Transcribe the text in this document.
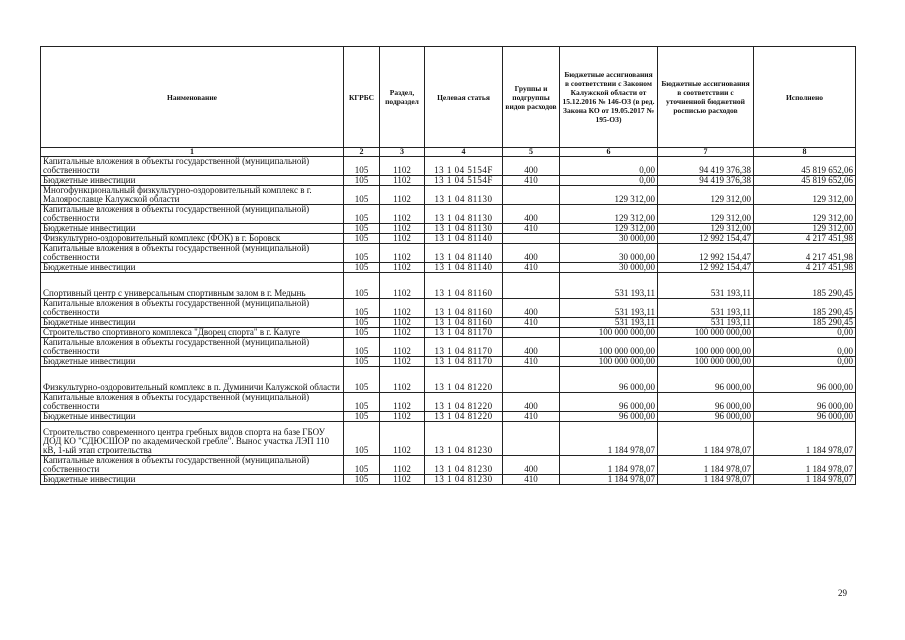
Наименование	КГРБС	Раздел, подраздел	Целевая статья	Группы и подгруппы видов расходов	Бюджетные ассигнования в соответствии с Законом Калужской области от 15.12.2016 № 146-ОЗ (в ред. Закона КО от 19.05.2017 № 195-ОЗ)	Бюджетные ассигнования в соответствии с уточненной бюджетной росписью расходов	Исполнено
1	2	3	4	5	6	7	8
Капитальные вложения в объекты государственной (муниципальной) собственности	105	1102	13 1 04 5154F	400	0,00	94 419 376,38	45 819 652,06
Бюджетные инвестиции	105	1102	13 1 04 5154F	410	0,00	94 419 376,38	45 819 652,06
Многофункциональный физкультурно-оздоровительный комплекс в г. Малоярославце Калужской области	105	1102	13 1 04 81130		129 312,00	129 312,00	129 312,00
Капитальные вложения в объекты государственной (муниципальной) собственности	105	1102	13 1 04 81130	400	129 312,00	129 312,00	129 312,00
Бюджетные инвестиции	105	1102	13 1 04 81130	410	129 312,00	129 312,00	129 312,00
Физкультурно-оздоровительный комплекс (ФОК) в г. Боровск	105	1102	13 1 04 81140		30 000,00	12 992 154,47	4 217 451,98
Капитальные вложения в объекты государственной (муниципальной) собственности	105	1102	13 1 04 81140	400	30 000,00	12 992 154,47	4 217 451,98
Бюджетные инвестиции	105	1102	13 1 04 81140	410	30 000,00	12 992 154,47	4 217 451,98
Спортивный центр с универсальным спортивным залом в г. Медынь	105	1102	13 1 04 81160		531 193,11	531 193,11	185 290,45
Капитальные вложения в объекты государственной (муниципальной) собственности	105	1102	13 1 04 81160	400	531 193,11	531 193,11	185 290,45
Бюджетные инвестиции	105	1102	13 1 04 81160	410	531 193,11	531 193,11	185 290,45
Строительство спортивного комплекса "Дворец спорта" в г. Калуге	105	1102	13 1 04 81170		100 000 000,00	100 000 000,00	0,00
Капитальные вложения в объекты государственной (муниципальной) собственности	105	1102	13 1 04 81170	400	100 000 000,00	100 000 000,00	0,00
Бюджетные инвестиции	105	1102	13 1 04 81170	410	100 000 000,00	100 000 000,00	0,00
Физкультурно-оздоровительный комплекс в п. Думиничи Калужской области	105	1102	13 1 04 81220		96 000,00	96 000,00	96 000,00
Капитальные вложения в объекты государственной (муниципальной) собственности	105	1102	13 1 04 81220	400	96 000,00	96 000,00	96 000,00
Бюджетные инвестиции	105	1102	13 1 04 81220	410	96 000,00	96 000,00	96 000,00
Строительство современного центра гребных видов спорта на базе ГБОУ ДОД КО "СДЮСШОР по академической гребле". Вынос участка ЛЭП 110 кВ, 1-ый этап строительства	105	1102	13 1 04 81230		1 184 978,07	1 184 978,07	1 184 978,07
Капитальные вложения в объекты государственной (муниципальной) собственности	105	1102	13 1 04 81230	400	1 184 978,07	1 184 978,07	1 184 978,07
Бюджетные инвестиции	105	1102	13 1 04 81230	410	1 184 978,07	1 184 978,07	1 184 978,07
29
